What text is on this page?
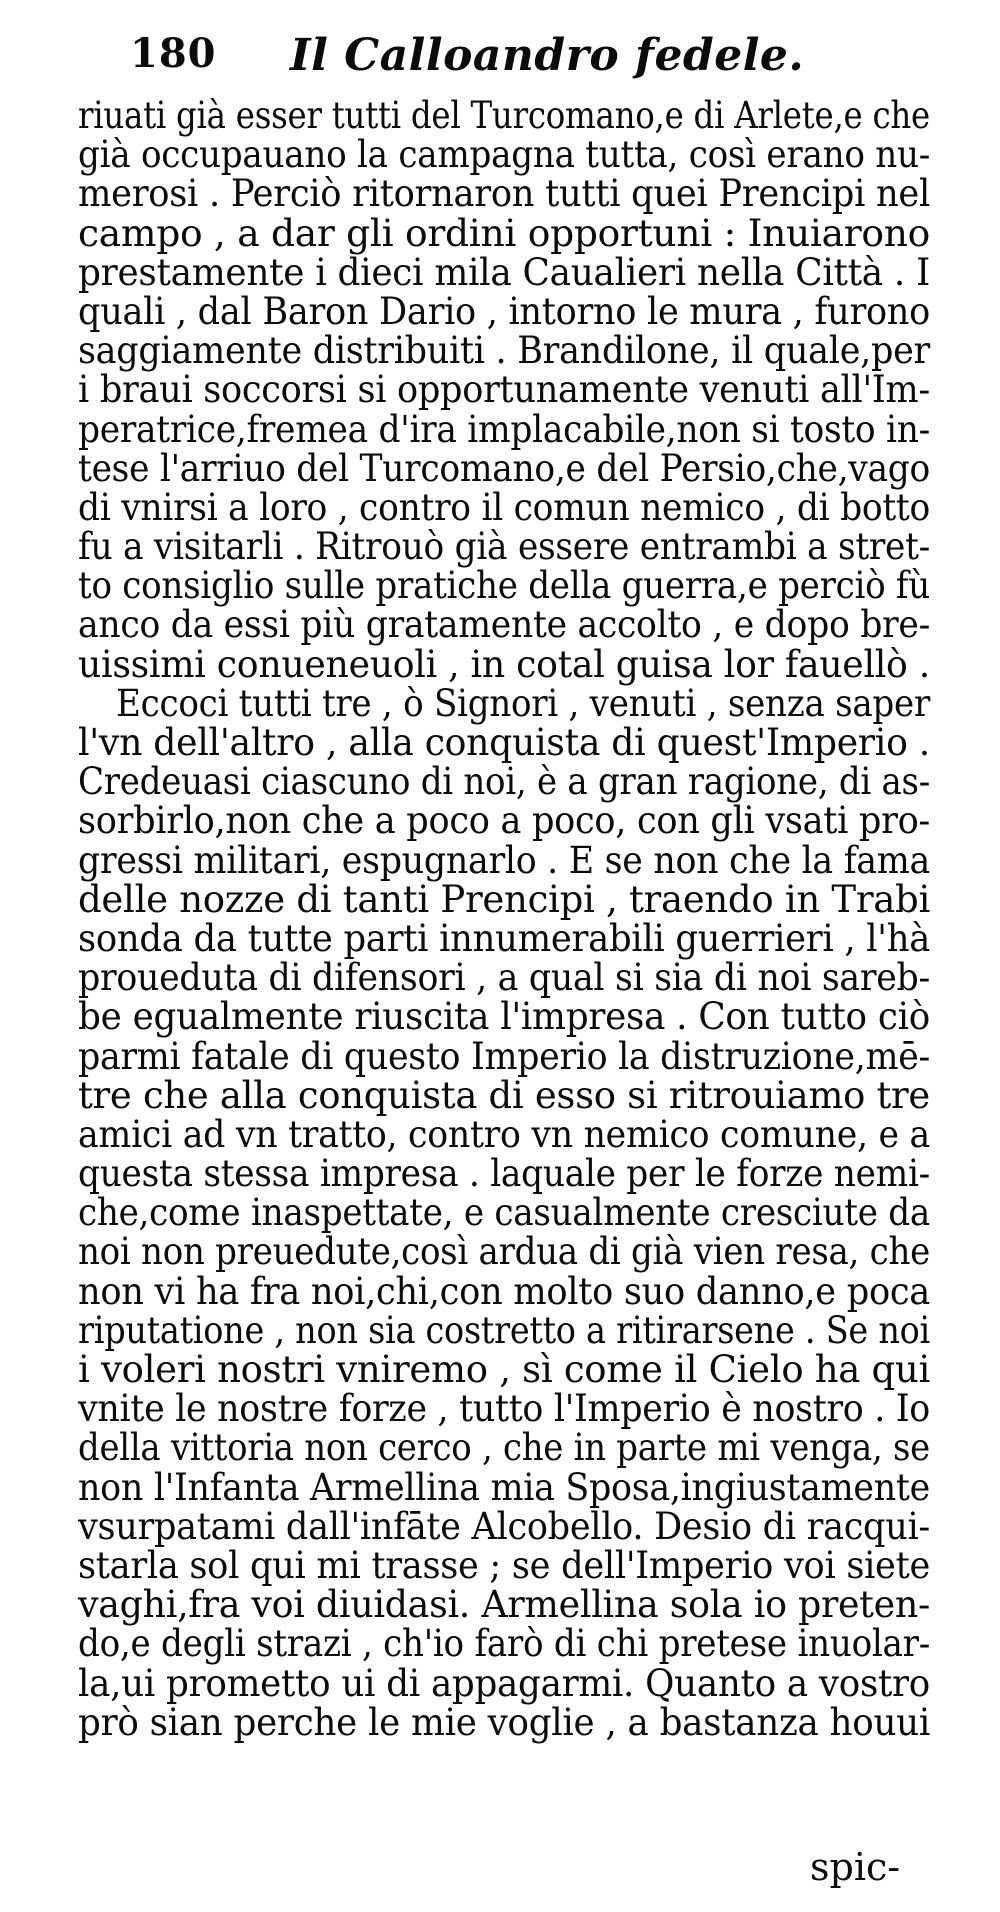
180 Il Calloandro fedele.
riuati già esser tutti del Turcomano,e di Arlete,e che
già occupauano la campagna tutta, così erano nu-
merosi . Perciò ritornaron tutti quei Prencipi nel
campo , a dar gli ordini opportuni : Inuiarono
prestamente i dieci mila Caualieri nella Città . I
quali , dal Baron Dario , intorno le mura , furono
saggiamente distribuiti . Brandilone, il quale,per
i braui soccorsi si opportunamente venuti all'Im-
peratrice,fremea d'ira implacabile,non si tosto in-
tese l'arriuo del Turcomano,e del Persio,che,vago
di vnirsi a loro , contro il comun nemico , di botto
fu a visitarli . Ritrouò già essere entrambi a stret-
to consiglio sulle pratiche della guerra,e perciò fù
anco da essi più gratamente accolto , e dopo bre-
uissimi conueneuoli , in cotal guisa lor fauellò .
Eccoci tutti tre , ò Signori , venuti , senza saper
l'vn dell'altro , alla conquista di quest'Imperio .
Credeuasi ciascuno di noi, è a gran ragione, di as-
sorbirlo,non che a poco a poco, con gli vsati pro-
gressi militari, espugnarlo . E se non che la fama
delle nozze di tanti Prencipi , traendo in Trabi
sonda da tutte parti innumerabili guerrieri , l'hà
proueduta di difensori , a qual si sia di noi sareb-
be egualmente riuscita l'impresa . Con tutto ciò
parmi fatale di questo Imperio la distruzione,mē-
tre che alla conquista di esso si ritrouiamo tre
amici ad vn tratto, contro vn nemico comune, e a
questa stessa impresa . laquale per le forze nemi-
che,come inaspettate, e casualmente cresciute da
noi non preuedute,così ardua di già vien resa, che
non vi ha fra noi,chi,con molto suo danno,e poca
riputatione , non sia costretto a ritirarsene . Se noi
i voleri nostri vniremo , sì come il Cielo ha qui
vnite le nostre forze , tutto l'Imperio è nostro . Io
della vittoria non cerco , che in parte mi venga, se
non l'Infanta Armellina mia Sposa,ingiustamente
vsurpatami dall'infāte Alcobello. Desio di racqui-
starla sol qui mi trasse ; se dell'Imperio voi siete
vaghi,fra voi diuidasi. Armellina sola io preten-
do,e degli strazi , ch'io farò di chi pretese inuolar-
la,ui prometto ui di appagarmi. Quanto a vostro
prò sian perche le mie voglie , a bastanza houui
spic-
